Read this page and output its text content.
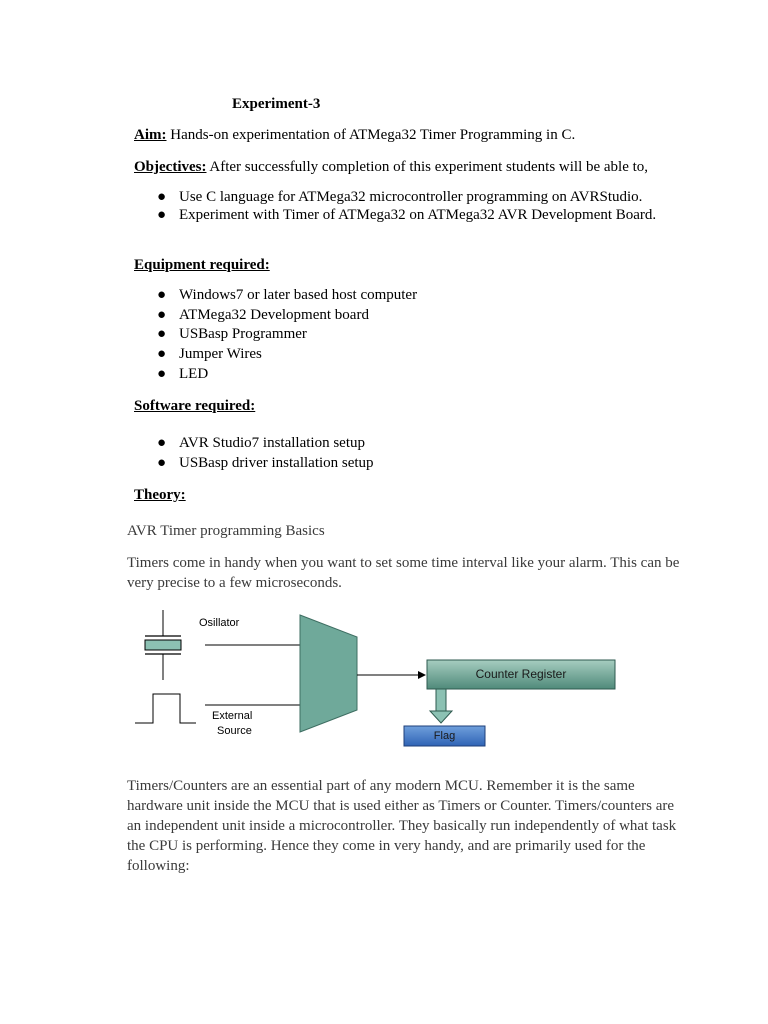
Experiment-3
Aim: Hands-on experimentation of ATMega32 Timer Programming in C.
Objectives: After successfully completion of this experiment students will be able to,
● Use C language for ATMega32 microcontroller programming on AVRStudio.
● Experiment with Timer of ATMega32 on ATMega32 AVR Development Board.
Equipment required:
● Windows7 or later based host computer
● ATMega32 Development board
● USBasp Programmer
● Jumper Wires
● LED
Software required:
● AVR Studio7 installation setup
● USBasp driver installation setup
Theory:
AVR Timer programming Basics
Timers come in handy when you want to set some time interval like your alarm. This can be very precise to a few microseconds.
Osillator
External
Source
Counter Register
Flag
Timers/Counters are an essential part of any modern MCU. Remember it is the same hardware unit inside the MCU that is used either as Timers or Counter. Timers/counters are an independent unit inside a microcontroller. They basically run independently of what task the CPU is performing. Hence they come in very handy, and are primarily used for the following:
